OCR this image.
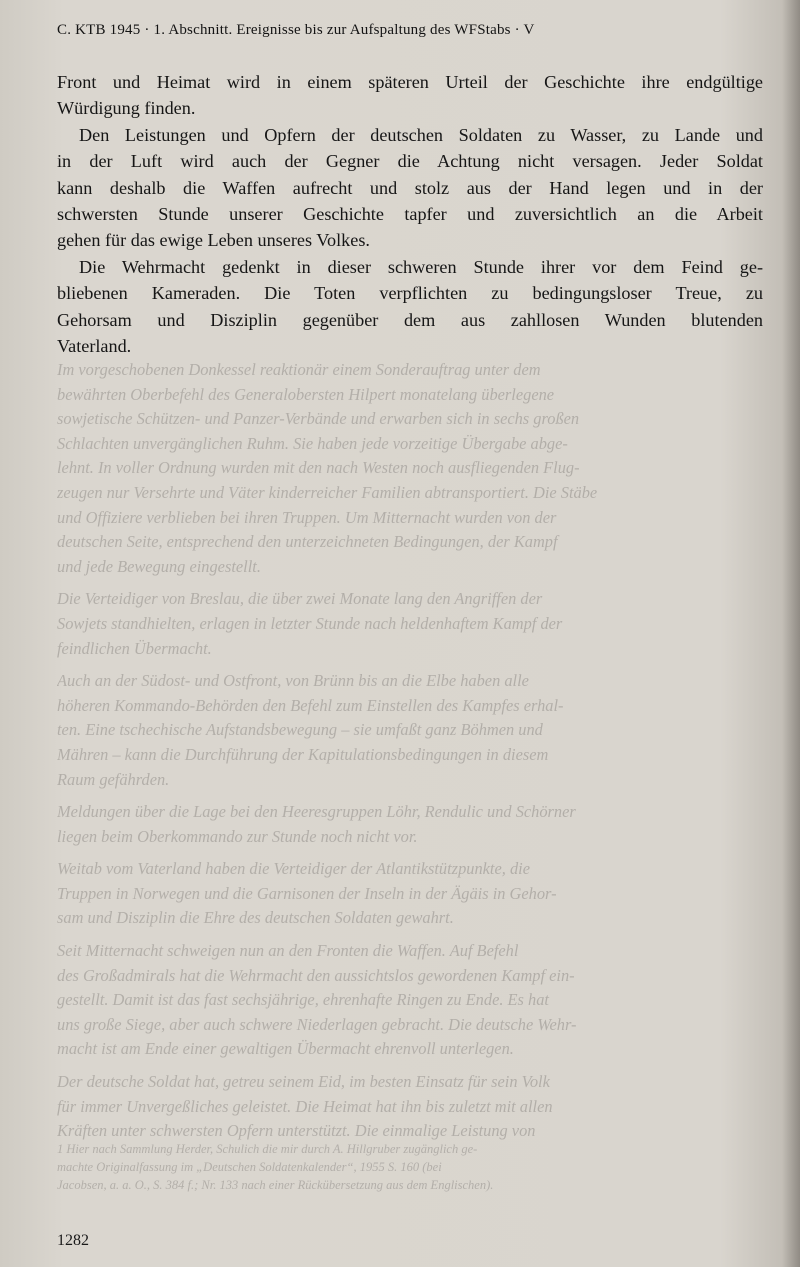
Im vorgeschobenen Donkessel reaktionär einem Sonderauftrag unter dem
bewährten Oberbefehl des Generalobersten Hilpert monatelang überlegene
sowjetische Schützen- und Panzer-Verbände und erwarben sich in sechs großen
Schlachten unvergänglichen Ruhm. Sie haben jede vorzeitige Übergabe abge-
lehnt. In voller Ordnung wurden mit den nach Westen noch ausfliegenden Flug-
zeugen nur Versehrte und Väter kinderreicher Familien abtransportiert. Die Stäbe
und Offiziere verblieben bei ihren Truppen. Um Mitternacht wurden von der
deutschen Seite, entsprechend den unterzeichneten Bedingungen, der Kampf
und jede Bewegung eingestellt.
Die Verteidiger von Breslau, die über zwei Monate lang den Angriffen der
Sowjets standhielten, erlagen in letzter Stunde nach heldenhaftem Kampf der
feindlichen Übermacht.
Auch an der Südost- und Ostfront, von Brünn bis an die Elbe haben alle
höheren Kommando-Behörden den Befehl zum Einstellen des Kampfes erhal-
ten. Eine tschechische Aufstandsbewegung – sie umfaßt ganz Böhmen und
Mähren – kann die Durchführung der Kapitulationsbedingungen in diesem
Raum gefährden.
Meldungen über die Lage bei den Heeresgruppen Löhr, Rendulic und Schörner
liegen beim Oberkommando zur Stunde noch nicht vor.
Weitab vom Vaterland haben die Verteidiger der Atlantikstützpunkte, die
Truppen in Norwegen und die Garnisonen der Inseln in der Ägäis in Gehor-
sam und Disziplin die Ehre des deutschen Soldaten gewahrt.
Seit Mitternacht schweigen nun an den Fronten die Waffen. Auf Befehl
des Großadmirals hat die Wehrmacht den aussichtslos gewordenen Kampf ein-
gestellt. Damit ist das fast sechsjährige, ehrenhafte Ringen zu Ende. Es hat
uns große Siege, aber auch schwere Niederlagen gebracht. Die deutsche Wehr-
macht ist am Ende einer gewaltigen Übermacht ehrenvoll unterlegen.
Der deutsche Soldat hat, getreu seinem Eid, im besten Einsatz für sein Volk
für immer Unvergeßliches geleistet. Die Heimat hat ihn bis zuletzt mit allen
Kräften unter schwersten Opfern unterstützt. Die einmalige Leistung von
1 Hier nach Sammlung Herder, Schulich die mir durch A. Hillgruber zugänglich ge-
machte Originalfassung im „Deutschen Soldatenkalender“, 1955 S. 160 (bei
Jacobsen, a. a. O., S. 384 f.; Nr. 133 nach einer Rückübersetzung aus dem Englischen).
C. KTB 1945 · 1. Abschnitt. Ereignisse bis zur Aufspaltung des WFStabs · V
Front und Heimat wird in einem späteren Urteil der Geschichte ihre endgültige
Würdigung finden.
Den Leistungen und Opfern der deutschen Soldaten zu Wasser, zu Lande und
in der Luft wird auch der Gegner die Achtung nicht versagen. Jeder Soldat
kann deshalb die Waffen aufrecht und stolz aus der Hand legen und in der
schwersten Stunde unserer Geschichte tapfer und zuversichtlich an die Arbeit
gehen für das ewige Leben unseres Volkes.
Die Wehrmacht gedenkt in dieser schweren Stunde ihrer vor dem Feind ge-
bliebenen Kameraden. Die Toten verpflichten zu bedingungsloser Treue, zu
Gehorsam und Disziplin gegenüber dem aus zahllosen Wunden blutenden
Vaterland.
1282
